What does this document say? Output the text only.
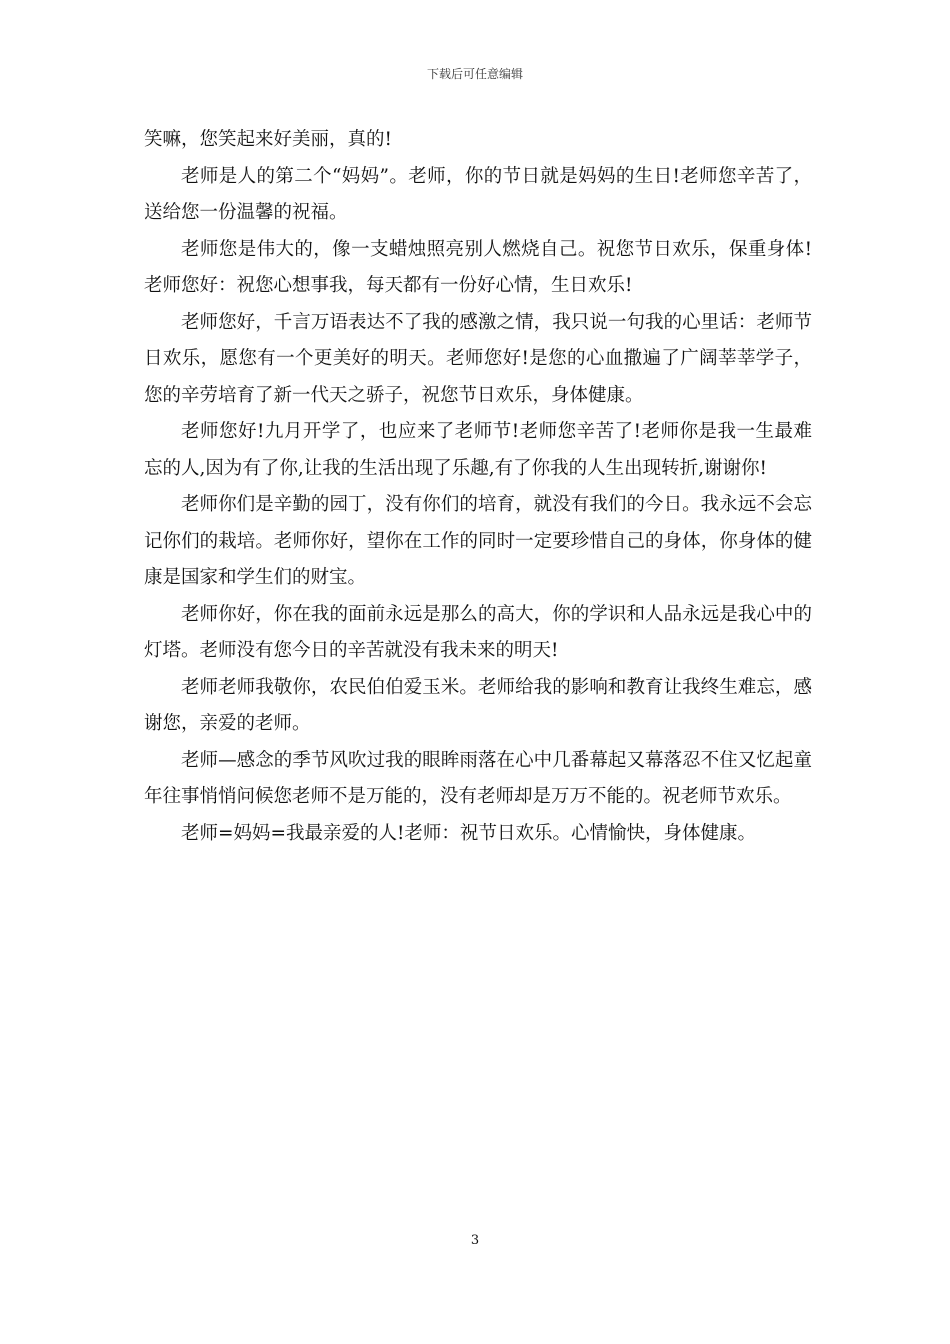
下载后可任意编辑

笑嘛，您笑起来好美丽，真的!

老师是人的第二个“妈妈”。老师，你的节日就是妈妈的生日!老师您辛苦了，送给您一份温馨的祝福。

老师您是伟大的，像一支蜡烛照亮别人燃烧自己。祝您节日欢乐，保重身体!老师您好：祝您心想事我，每天都有一份好心情，生日欢乐!

老师您好，千言万语表达不了我的感激之情，我只说一句我的心里话：老师节日欢乐，愿您有一个更美好的明天。老师您好!是您的心血撒遍了广阔莘莘学子，您的辛劳培育了新一代天之骄子，祝您节日欢乐，身体健康。

老师您好!九月开学了，也应来了老师节!老师您辛苦了!老师你是我一生最难忘的人,因为有了你,让我的生活出现了乐趣,有了你我的人生出现转折,谢谢你!

老师你们是辛勤的园丁，没有你们的培育，就没有我们的今日。我永远不会忘记你们的栽培。老师你好，望你在工作的同时一定要珍惜自己的身体，你身体的健康是国家和学生们的财宝。

老师你好，你在我的面前永远是那么的高大，你的学识和人品永远是我心中的灯塔。老师没有您今日的辛苦就没有我未来的明天!

老师老师我敬你，农民伯伯爱玉米。老师给我的影响和教育让我终生难忘，感谢您，亲爱的老师。

老师—感念的季节风吹过我的眼眸雨落在心中几番幕起又幕落忍不住又忆起童年往事悄悄问候您老师不是万能的，没有老师却是万万不能的。祝老师节欢乐。

老师=妈妈=我最亲爱的人!老师：祝节日欢乐。心情愉快，身体健康。

3
